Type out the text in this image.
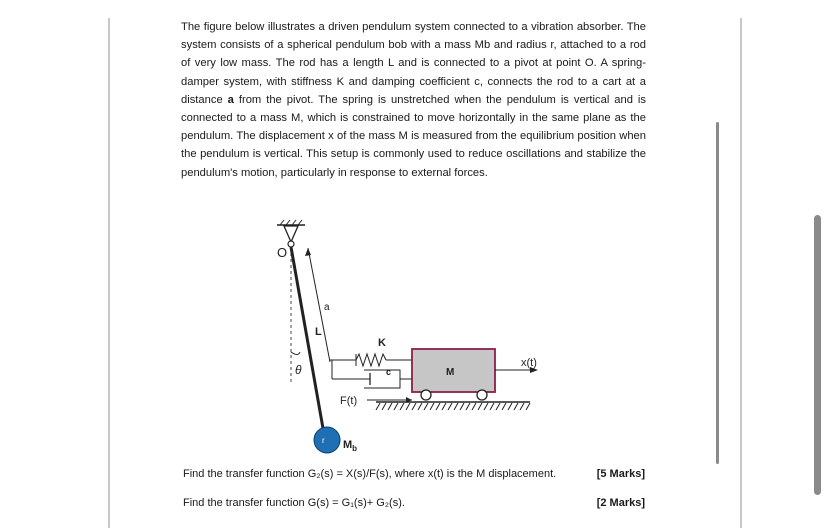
The figure below illustrates a driven pendulum system connected to a vibration absorber. The system consists of a spherical pendulum bob with a mass Mb and radius r, attached to a rod of very low mass. The rod has a length L and is connected to a pivot at point O. A spring-damper system, with stiffness K and damping coefficient c, connects the rod to a cart at a distance a from the pivot. The spring is unstretched when the pendulum is vertical and is connected to a mass M, which is constrained to move horizontally in the same plane as the pendulum. The displacement x of the mass M is measured from the equilibrium position when the pendulum is vertical. This setup is commonly used to reduce oscillations and stabilize the pendulum's motion, particularly in response to external forces.

O
a
L
θ
K
c
F(t)
M
x(t)
r $M_b$
Find the transfer function G₂(s) = X(s)/F(s), where x(t) is the M displacement.	[5 Marks]
Find the transfer function G(s) = G₁(s)+ G₂(s).	[2 Marks]
